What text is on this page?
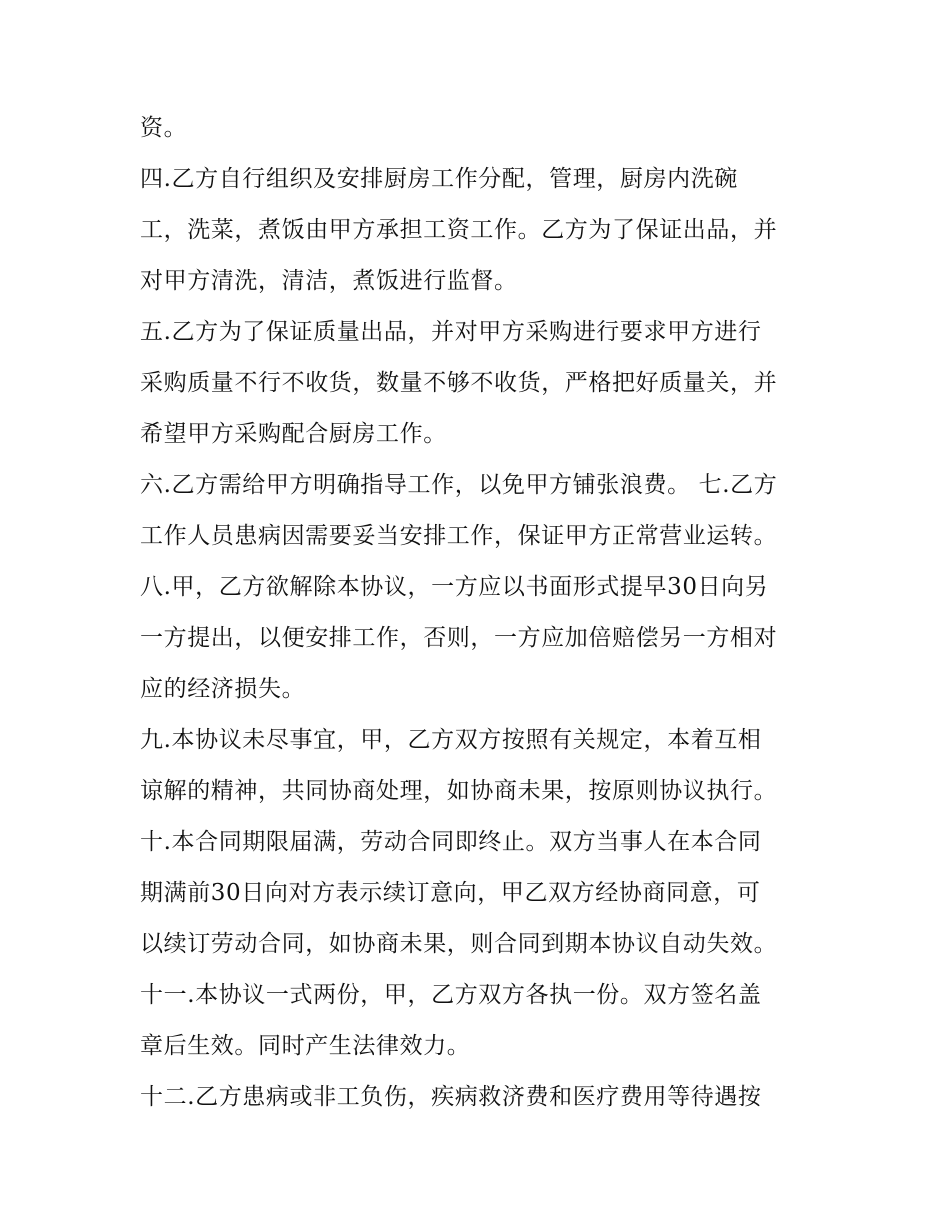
资。
四.乙方自行组织及安排厨房工作分配，管理，厨房内洗碗
工，洗菜，煮饭由甲方承担工资工作。乙方为了保证出品，并
对甲方清洗，清洁，煮饭进行监督。
五.乙方为了保证质量出品，并对甲方采购进行要求甲方进行
采购质量不行不收货，数量不够不收货，严格把好质量关，并
希望甲方采购配合厨房工作。
六.乙方需给甲方明确指导工作，以免甲方铺张浪费。 七.乙方
工作人员患病因需要妥当安排工作，保证甲方正常营业运转。
八.甲，乙方欲解除本协议，一方应以书面形式提早30日向另
一方提出，以便安排工作，否则，一方应加倍赔偿另一方相对
应的经济损失。
九.本协议未尽事宜，甲，乙方双方按照有关规定，本着互相
谅解的精神，共同协商处理，如协商未果，按原则协议执行。
十.本合同期限届满，劳动合同即终止。双方当事人在本合同
期满前30日向对方表示续订意向，甲乙双方经协商同意，可
以续订劳动合同，如协商未果，则合同到期本协议自动失效。
十一.本协议一式两份，甲，乙方双方各执一份。双方签名盖
章后生效。同时产生法律效力。
十二.乙方患病或非工负伤，疾病救济费和医疗费用等待遇按
